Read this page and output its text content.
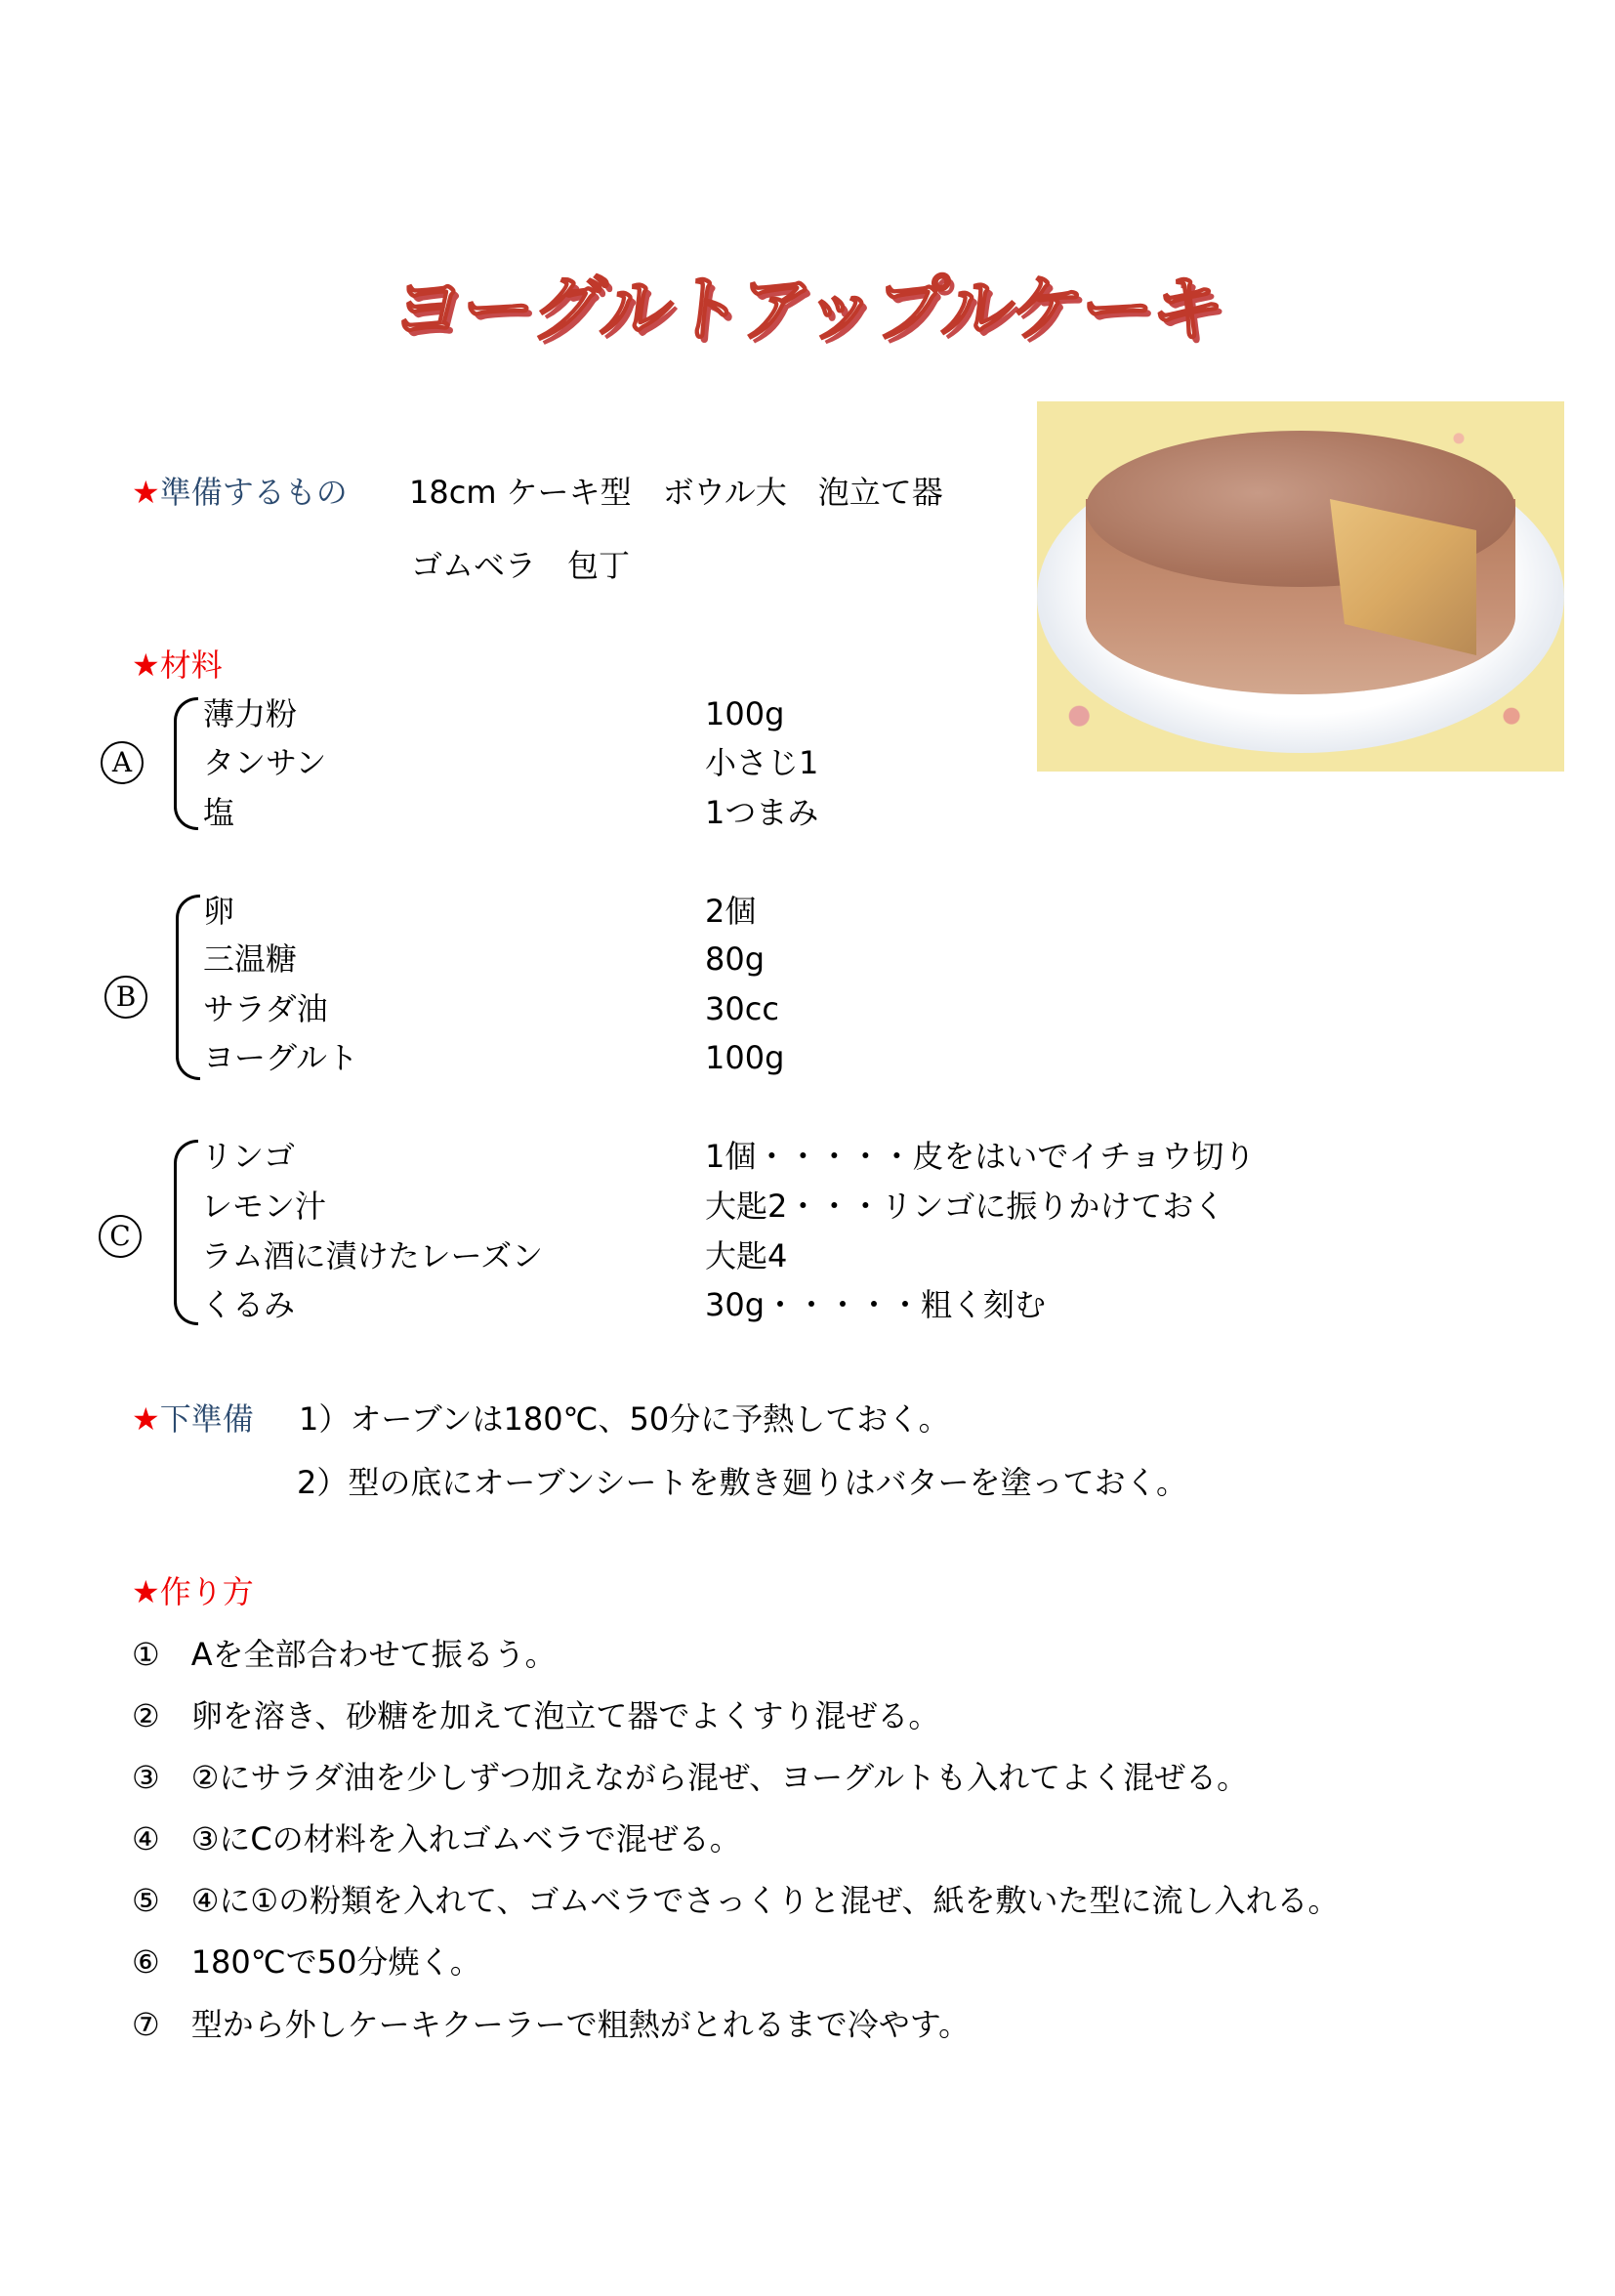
ヨーグルトアップルケーキ
★準備するもの 18cm ケーキ型　ボウル大　泡立て器
ゴムベラ　包丁
★材料
A
薄力粉	100g
タンサン	小さじ1
塩	1つまみ
B
卵	2個
三温糖	80g
サラダ油	30cc
ヨーグルト	100g
C
リンゴ	1個・・・・・皮をはいでイチョウ切り
レモン汁	大匙2・・・リンゴに振りかけておく
ラム酒に漬けたレーズン	大匙4
くるみ	30g・・・・・粗く刻む
★下準備 1）オーブンは180℃、50分に予熱しておく。
2）型の底にオーブンシートを敷き廻りはバターを塗っておく。
★作り方
①　Aを全部合わせて振るう。
②　卵を溶き、砂糖を加えて泡立て器でよくすり混ぜる。
③　②にサラダ油を少しずつ加えながら混ぜ、ヨーグルトも入れてよく混ぜる。
④　③にCの材料を入れゴムベラで混ぜる。
⑤　④に①の粉類を入れて、ゴムベラでさっくりと混ぜ、紙を敷いた型に流し入れる。
⑥　180℃で50分焼く。
⑦　型から外しケーキクーラーで粗熱がとれるまで冷やす。
